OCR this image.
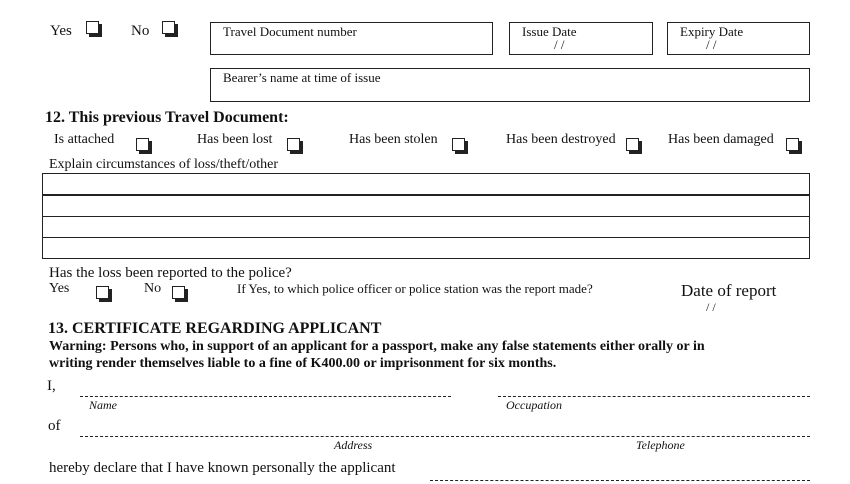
Yes	No	Travel Document number	Issue Date
/ /
Expiry Date
/ /
Bearer’s name at time of issue
12. This previous Travel Document:
Is attached	Has been lost	Has been stolen	Has been destroyed	Has been damaged
Explain circumstances of loss/theft/other
Has the loss been reported to the police?
Yes	No	If Yes, to which police officer or police station was the report made?	Date of report
/ /
13. CERTIFICATE REGARDING APPLICANT
Warning: Persons who, in support of an applicant for a passport, make any false statements either orally or in
writing render themselves liable to a fine of K400.00 or imprisonment for six months.
I,
Name	Occupation
of
Address	Telephone
hereby declare that I have known personally the applicant
